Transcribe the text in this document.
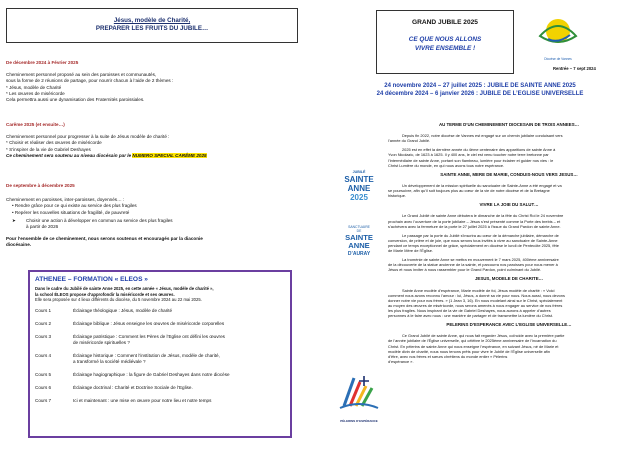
Jésus, modèle de Charité,
PREPARER LES FRUITS DU JUBILE…
De décembre 2024 à Février 2025
Cheminement personnel proposé au sein des paroisses et communautés,
sous la forme de 2 réunions de partage, pour nourrir chacun à l’aide de 2 thèmes :
* Jésus, modèle de Charité
* Les œuvres de miséricorde
Cela permettra aussi une dynamisation des Fraternités paroissiales.
Carême 2025 (et ensuite…)
Cheminement personnel pour progresser à la suite de Jésus modèle de charité :
* Choisir et réaliser des œuvres de miséricorde
* S’inspirer de la vie de Gabriel Deshayes
Ce cheminement sera soutenu au niveau diocésain par le NUMERO SPECIAL CARÊME 2025
De septembre à décembre 2025
Cheminement en paroisses, inter-paroisses, doyennés… :
• Rendre grâce pour ce qui existe au service des plus fragiles
• Repérer les nouvelles situations de fragilité, de pauvreté
➤	Choisir une action à développer en commun au service des plus fragiles
à partir de 2026
Pour l’ensemble de ce cheminement, nous serons soutenus et encouragés par la diaconie
diocésaine.
ATHENEE – FORMATION « ELEOS »
Dans le cadre du Jubilé de sainte Anne 2025, en cette année « Jésus, modèle de charité »,
la school ÉLEOS propose d’approfondir la miséricorde et ses œuvres.
Elle sera proposée sur 4 lieux différents du diocèse, du 5 novembre 2024 au 22 mai 2025.
Cours 1	Éclairage théologique : Jésus, modèle de charité
Cours 2	Éclairage biblique : Jésus enseigne les œuvres de miséricorde corporelles
Cours 3	Éclairage patristique : Comment les Pères de l’Eglise ont défini les œuvres
de miséricorde spirituelles ?
Cours 4	Éclairage historique : Comment l’institution de Jésus, modèle de charité,
a transformé la société médiévale ?
Cours 5	Éclairage hagiographique : la figure de Gabriel Deshayes dans notre diocèse
Cours 6	Éclairage doctrinal : Charité et Doctrine Sociale de l’Eglise.
Cours 7	Ici et maintenant : une mise en œuvre pour notre lieu et notre temps
GRAND JUBILE 2025
CE QUE NOUS ALLONS
VIVRE ENSEMBLE !
Diocèse de Vannes
Rentrée – 7 sept 2024
24 novembre 2024 – 27 juillet 2025 : JUBILE DE SAINTE ANNE 2025
24 décembre 2024 – 6 janvier 2026 : JUBILE DE L’EGLISE UNIVERSELLE
JUBILÉ
SAINTE
ANNE
2025
SANCTUAIRE
DE
SAINTE
ANNE
D’AURAY
PÈLERINS D’ESPÉRANCE
AU TERME D’UN CHEMINEMENT DIOCESAIN DE TROIS ANNEES…
Depuis fin 2022, notre diocèse de Vannes est engagé sur un chemin jubilaire conduisant vers
l’année du Grand Jubilé.
2025 est en effet la dernière année du 4ème centenaire des apparitions de sainte Anne à
Yvon Nicolazic, de 1623 à 1625. Il y 400 ans, le ciel est venu toucher notre terre bretonne par
l’intermédiaire de sainte Anne, portant son flambeau, lumière pour éclairer et guider nos vies : le
Christ Lumière du monde, en qui nous avons tous notre espérance.
SAINTE ANNE, MERE DE MARIE, CONDUIS-NOUS VERS JESUS…
Un développement de la mission spirituelle du sanctuaire de Sainte-Anne a été engagé et va
se poursuivre, afin qu’il soit toujours plus au cœur de la vie de notre diocèse et de la Bretagne
historique.
VIVRE LA JOIE DU SALUT…
Le Grand Jubilé de sainte Anne débutera le dimanche de la fête du Christ Roi le 24 novembre
prochain avec l’ouverture de la porte jubilaire – Jésus s’est présenté comme la Porte des brebis – et
s’achèvera avec la fermeture de la porte le 27 juillet 2025 à l’issue du Grand Pardon de sainte Anne.
Le passage par la porte du Jubilé s’inscrira au cœur de la démarche jubilaire, démarche de
conversion, de prière et de joie, que nous serons tous invités à vivre au sanctuaire de Sainte-Anne
pendant ce temps exceptionnel de grâce, spécialement en diocèse le lundi de Pentecôte 2025, fête
de Marie Mère de l’Église.
La troménie de sainte Anne se mettra en mouvement le 7 mars 2025, 400ème anniversaire
de la découverte de la statue ancienne de la sainte, et parcourra nos paroisses pour nous mener à
Jésus et nous inviter à nous rassembler pour le Grand Pardon, point culminant du Jubilé.
JESUS, MODELE DE CHARITE…
Sainte Anne modèle d’espérance, Marie modèle de foi, Jésus modèle de charité : « Voici
comment nous avons reconnu l’amour : lui, Jésus, a donné sa vie pour nous. Nous aussi, nous devons
donner notre vie pour nos frères. » (1 Jean 3, 16). En nous modelant ainsi sur le Christ, spécialement
au moyen des œuvres de miséricorde, nous serons amenés à nous engager au service de nos frères
les plus fragiles. Nous inspirant de la vie de Gabriel Deshayes, nous aurons à appeler d’autres
personnes à le faire avec nous : une manière de partager et de transmettre la lumière du Christ.
PELERINS D’ESPERANCE AVEC L’EGLISE UNIVERSELLE…
Ce Grand Jubilé de sainte Anne, qui nous fait regarder Jésus, coïncide avec la première partie
de l’année jubilaire de l’Église universelle, qui célèbre le 2025ème anniversaire de l’incarnation du
Christ. En pèlerins de sainte Anne qui nous enseigne l’espérance, en suivant Jésus, né de Marie et
modèle divin de charité, nous nous tenons prêts pour vivre le Jubilé de l’Église universelle afin
d’être, avec nos frères et sœurs chrétiens du monde entier « Pèlerins
d’espérance ».
